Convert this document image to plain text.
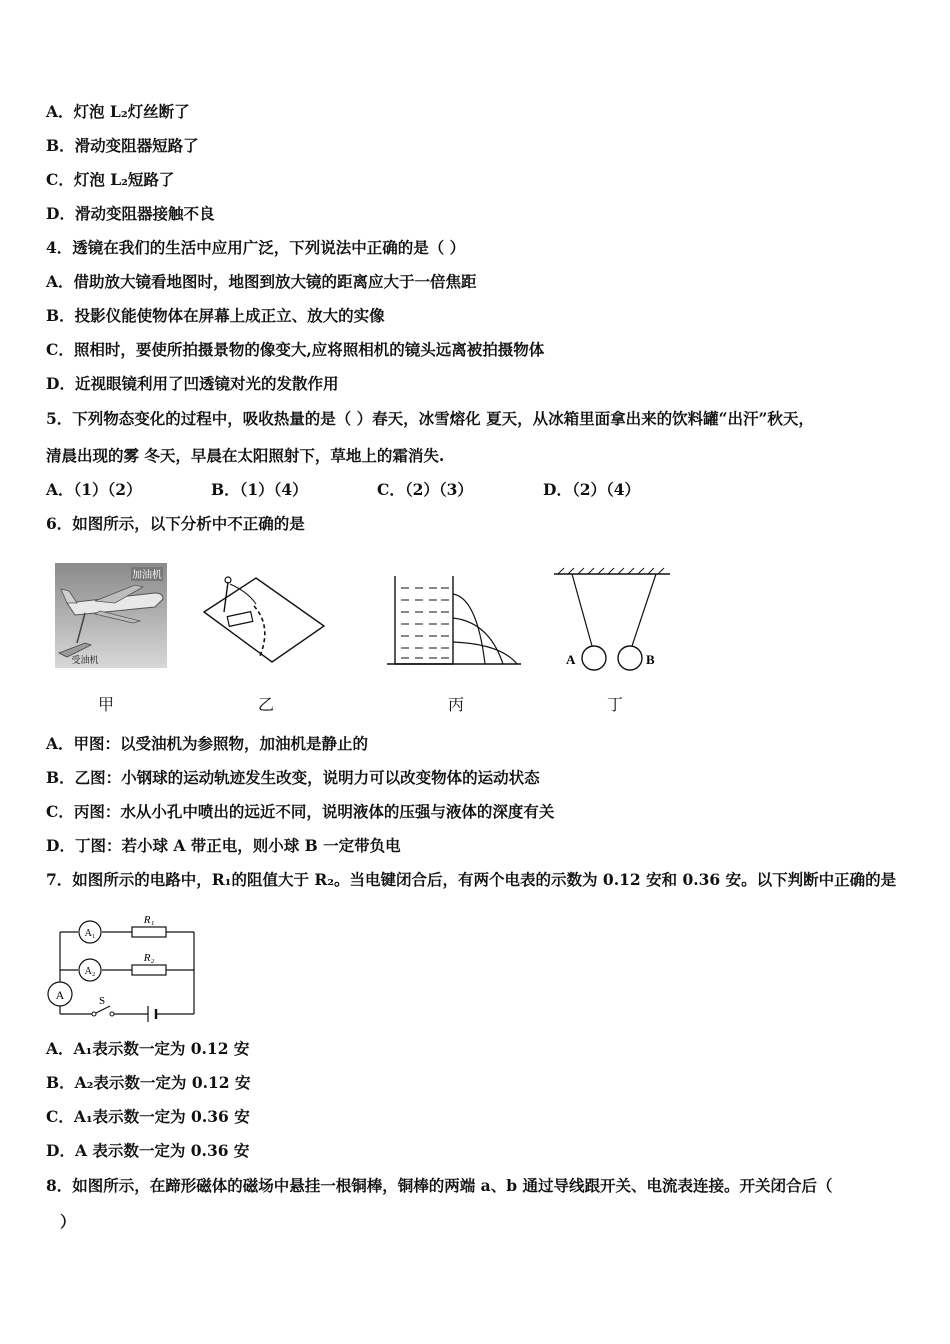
A．灯泡 L₂灯丝断了
B．滑动变阻器短路了
C．灯泡 L₂短路了
D．滑动变阻器接触不良
4．透镜在我们的生活中应用广泛，下列说法中正确的是（ ）
A．借助放大镜看地图时，地图到放大镜的距离应大于一倍焦距
B．投影仪能使物体在屏幕上成正立、放大的实像
C．照相时，要使所拍摄景物的像变大,应将照相机的镜头远离被拍摄物体
D．近视眼镜利用了凹透镜对光的发散作用
5．下列物态变化的过程中，吸收热量的是（ ）春天，冰雪熔化 夏天，从冰箱里面拿出来的饮料罐“出汗”秋天，
清晨出现的雾 冬天，早晨在太阳照射下，草地上的霜消失.
A．（1）（2）	B．（1）（4）	C．（2）（3）	D．（2）（4）
6．如图所示，以下分析中不正确的是
加油机
受油机	A	B
甲	乙	丙	丁
A．甲图：以受油机为参照物，加油机是静止的
B．乙图：小钢球的运动轨迹发生改变，说明力可以改变物体的运动状态
C．丙图：水从小孔中喷出的远近不同，说明液体的压强与液体的深度有关
D．丁图：若小球 A 带正电，则小球 B 一定带负电
7．如图所示的电路中，R₁的阻值大于 R₂。当电键闭合后，有两个电表的示数为 0.12 安和 0.36 安。以下判断中正确的是
A₁
A₂
A
R₁
R₂
S
A．A₁表示数一定为 0.12 安
B．A₂表示数一定为 0.12 安
C．A₁表示数一定为 0.36 安
D．A 表示数一定为 0.36 安
8．如图所示，在蹄形磁体的磁场中悬挂一根铜棒，铜棒的两端 a、b 通过导线跟开关、电流表连接。开关闭合后（
）
